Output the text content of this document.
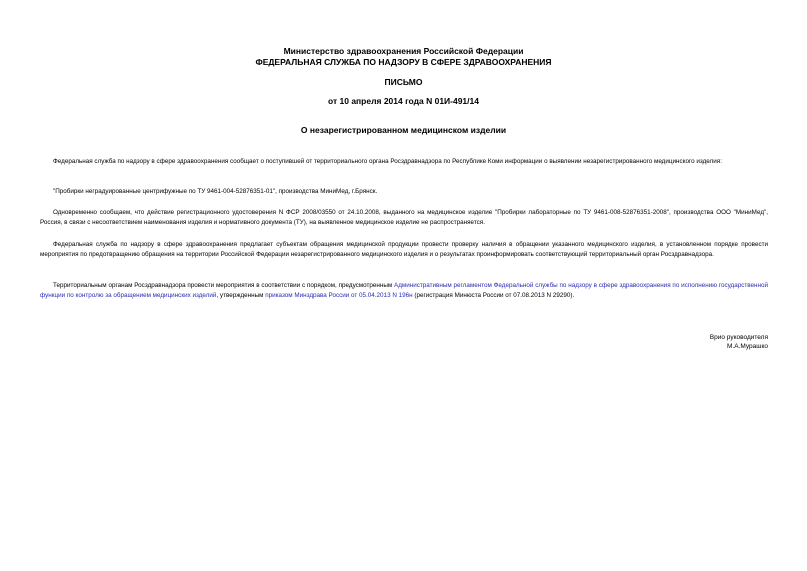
Министерство здравоохранения Российской Федерации
ФЕДЕРАЛЬНАЯ СЛУЖБА ПО НАДЗОРУ В СФЕРЕ ЗДРАВООХРАНЕНИЯ
ПИСЬМО
от 10 апреля 2014 года N 01И-491/14
О незарегистрированном медицинском изделии
Федеральная служба по надзору в сфере здравоохранения сообщает о поступившей от территориального органа Росздравнадзора по Республике Коми информации о выявлении незарегистрированного медицинского изделия:
"Пробирки неградуированные центрифужные по ТУ 9461-004-52876351-01", производства МиниМед, г.Брянск.
Одновременно сообщаем, что действие регистрационного удостоверения N ФСР 2008/03550 от 24.10.2008, выданного на медицинское изделие "Пробирки лабораторные по ТУ 9461-008-52876351-2008", производства ООО "МиниМед", Россия, в связи с несоответствием наименования изделия и нормативного документа (ТУ), на выявленное медицинское изделие не распространяется.
Федеральная служба по надзору в сфере здравоохранения предлагает субъектам обращения медицинской продукции провести проверку наличия в обращении указанного медицинского изделия, в установленном порядке провести мероприятия по предотвращению обращения на территории Российской Федерации незарегистрированного медицинского изделия и о результатах проинформировать соответствующий территориальный орган Росздравнадзора.
Территориальным органам Росздравнадзора провести мероприятия в соответствии с порядком, предусмотренным Административным регламентом Федеральной службы по надзору в сфере здравоохранения по исполнению государственной функции по контролю за обращением медицинских изделий, утвержденным приказом Минздрава России от 05.04.2013 N 196н (регистрация Минюста России от 07.08.2013 N 29290).
Врио руководителя
М.А.Мурашко
